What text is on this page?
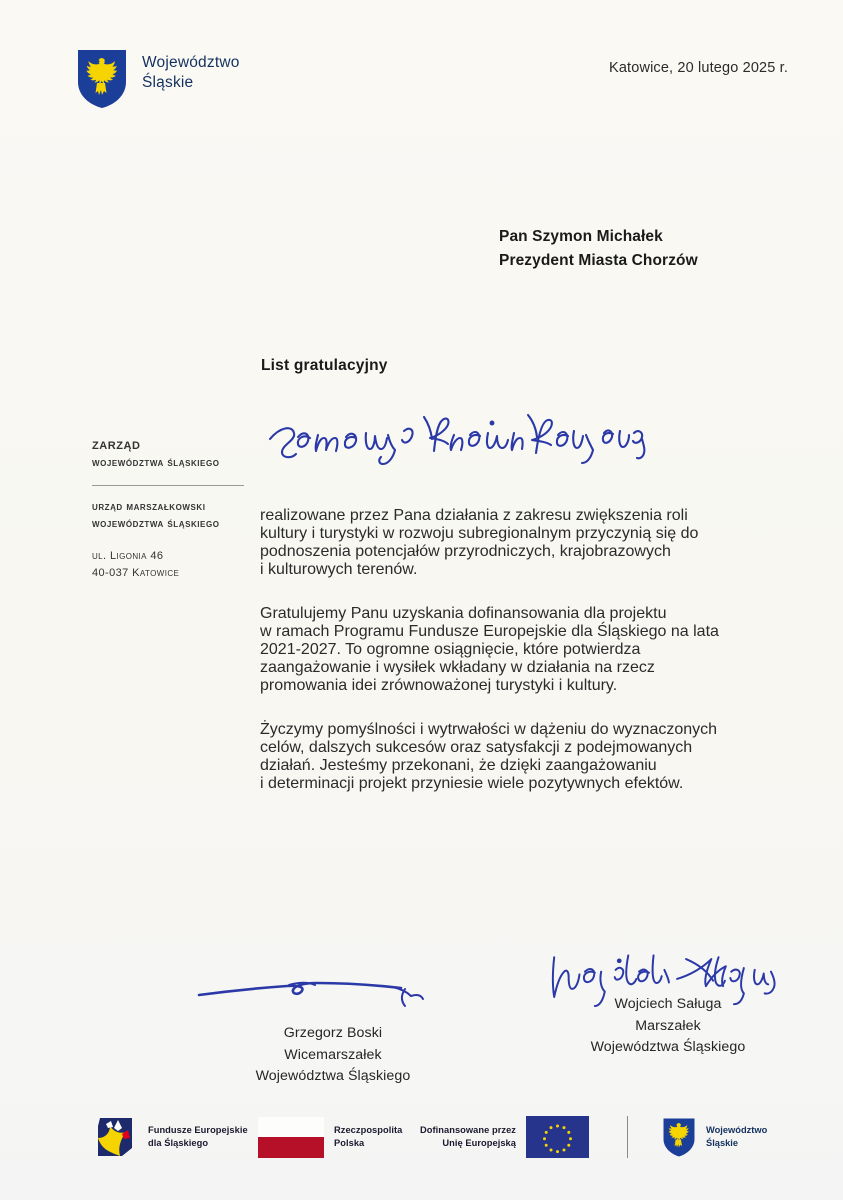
Województwo
Śląskie
Katowice, 20 lutego 2025 r.
Pan Szymon Michałek
Prezydent Miasta Chorzów
List gratulacyjny
ZARZĄD
województwa śląskiego
urząd marszałkowski
województwa śląskiego
ul. Ligonia 46
40-037 Katowice

realizowane przez Pana działania z zakresu zwiększenia roli
kultury i turystyki w rozwoju subregionalnym przyczynią się do
podnoszenia potencjałów przyrodniczych, krajobrazowych
i kulturowych terenów.

Gratulujemy Panu uzyskania dofinansowania dla projektu
w ramach Programu Fundusze Europejskie dla Śląskiego na lata
2021-2027. To ogromne osiągnięcie, które potwierdza
zaangażowanie i wysiłek wkładany w działania na rzecz
promowania idei zrównoważonej turystyki i kultury.

Życzymy pomyślności i wytrwałości w dążeniu do wyznaczonych
celów, dalszych sukcesów oraz satysfakcji z podejmowanych
działań. Jesteśmy przekonani, że dzięki zaangażowaniu
i determinacji projekt przyniesie wiele pozytywnych efektów.

Grzegorz Boski
Wicemarszałek
Województwa Śląskiego
Wojciech Saługa
Marszałek
Województwa Śląskiego
Fundusze Europejskie
dla Śląskiego
Rzeczpospolita
Polska
Dofinansowane przez
Unię Europejską
Województwo
Śląskie
